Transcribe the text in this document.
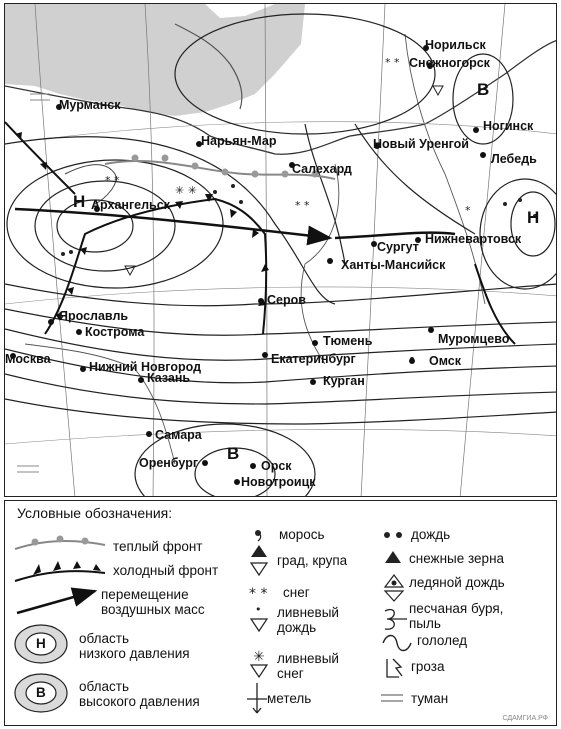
* *
✳ ✳
* *
* *
*
Норильск
Снежногорск
Мурманск
Ногинск
Нарьян-Мар	Новый Уренгой
Лебедь
Салехард
Архангельск
Сургут
Нижневартовск
Ханты-Мансийск
Серов
Ярославль
Кострома
Тюмень	Муромцево
Москва	Екатеринбург	Омск
Нижний Новгород
Казань	Курган
Самара
Оренбург	Орск
Новотроицк
В
Н
Н
В
* *
•
✳
Условные обозначения:
теплый фронт
холодный фронт
перемещение
воздушных масс
Н область
низкого давления
В область
высокого давления
морось
град, крупа
снег
ливневый
дождь
ливневый
снег
метель
дождь
снежные зерна
ледяной дождь
песчаная буря,
пыль
гололед
гроза
туман
СДАМГИА.РФ
